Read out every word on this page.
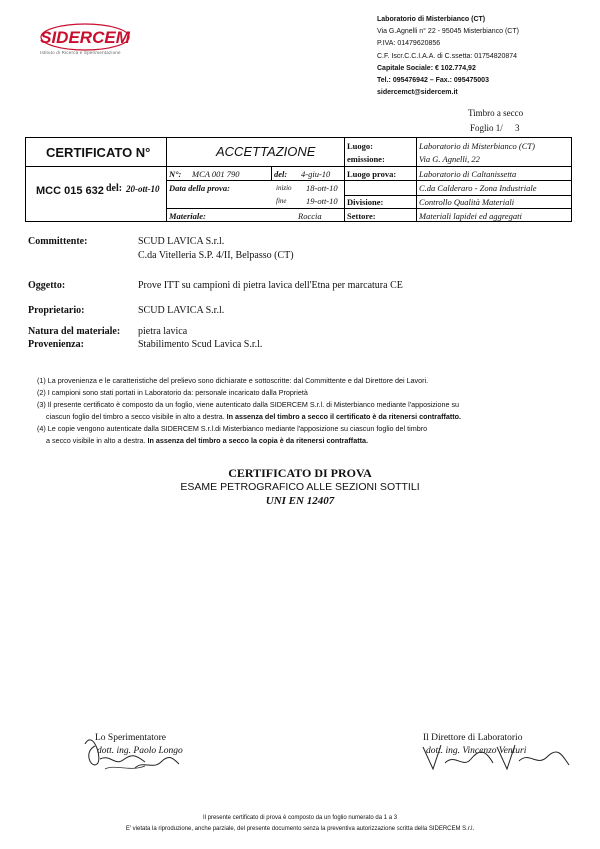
SIDERCEM
Istituto di Ricerca e Sperimentazione
Laboratorio di Misterbianco (CT)
Via G.Agnelli n° 22 - 95045 Misterbianco (CT)
P.IVA: 01479620856
C.F. Iscr.C.C.I.A.A. di C.ssetta: 01754820874
Capitale Sociale: € 102.774,92
Tel.: 095476942 – Fax.: 095475003
sidercemct@sidercem.it
Timbro a secco
Foglio 1/ 3
CERTIFICATO N°
MCC 015 632 del: 20-ott-10
ACCETTAZIONE
N°: MCA 001 790	del: 4-giu-10
Data della prova:	inizio 18-ott-10
fine 19-ott-10
Materiale:	Roccia
Luogo:
emissione:
Laboratorio di Misterbianco (CT)
Via G. Agnelli, 22
Luogo prova:	Laboratorio di Caltanissetta
C.da Calderaro - Zona Industriale
Divisione:	Controllo Qualità Materiali
Settore:	Materiali lapidei ed aggregati
Committente:	SCUD LAVICA S.r.l.
C.da Vitelleria S.P. 4/II, Belpasso (CT)
Oggetto:	Prove ITT su campioni di pietra lavica dell'Etna per marcatura CE
Proprietario:	SCUD LAVICA S.r.l.
Natura del materiale: pietra lavica
Provenienza:	Stabilimento Scud Lavica S.r.l.
(1) La provenienza e le caratteristiche del prelievo sono dichiarate e sottoscritte: dal Committente e dal Direttore dei Lavori.
(2) I campioni sono stati portati in Laboratorio da: personale incaricato dalla Proprietà
(3) Il presente certificato è composto da un foglio, viene autenticato dalla SIDERCEM S.r.l. di Misterbianco mediante l'apposizione su
ciascun foglio del timbro a secco visibile in alto a destra. In assenza del timbro a secco il certificato è da ritenersi contraffatto.
(4) Le copie vengono autenticate dalla SIDERCEM S.r.l.di Misterbianco mediante l'apposizione su ciascun foglio del timbro
a secco visibile in alto a destra. In assenza del timbro a secco la copia è da ritenersi contraffatta.
CERTIFICATO DI PROVA
ESAME PETROGRAFICO ALLE SEZIONI SOTTILI
UNI EN 12407
Lo Sperimentatore
dott. ing. Paolo Longo
Il Direttore di Laboratorio
dott. ing. Vincenzo Venturi
Il presente certificato di prova è composto da un foglio numerato da 1 a 3
E' vietata la riproduzione, anche parziale, del presente documento senza la preventiva autorizzazione scritta della SIDERCEM S.r.l.
